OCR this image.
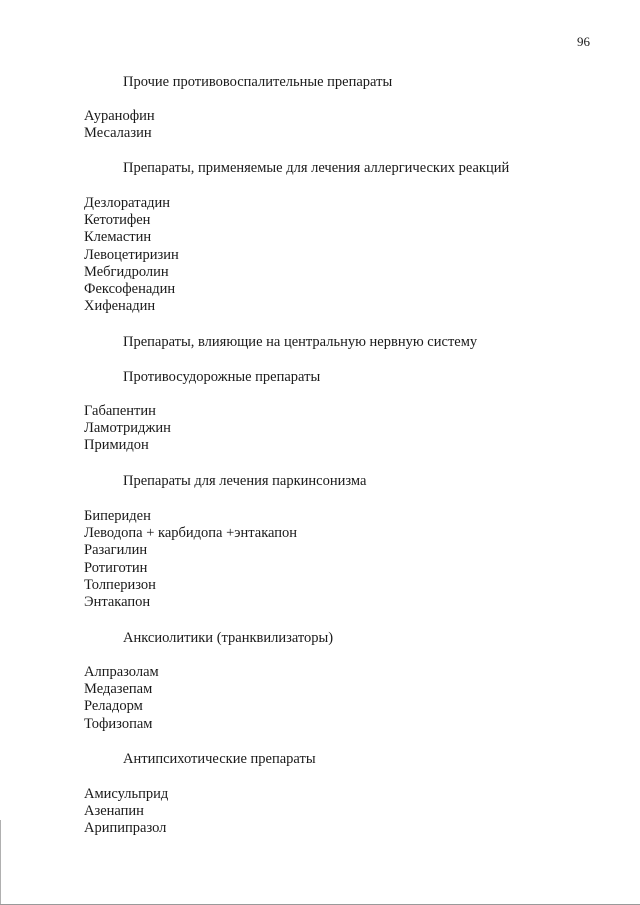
96
Прочие противовоспалительные препараты
Ауранофин
Месалазин
Препараты, применяемые для лечения аллергических реакций
Дезлоратадин
Кетотифен
Клемастин
Левоцетиризин
Мебгидролин
Фексофенадин
Хифенадин
Препараты, влияющие на центральную нервную систему
Противосудорожные препараты
Габапентин
Ламотриджин
Примидон
Препараты для лечения паркинсонизма
Бипериден
Леводопа + карбидопа +энтакапон
Разагилин
Ротиготин
Толперизон
Энтакапон
Анксиолитики (транквилизаторы)
Алпразолам
Медазепам
Реладорм
Тофизопам
Антипсихотические препараты
Амисульприд
Азенапин
Арипипразол
